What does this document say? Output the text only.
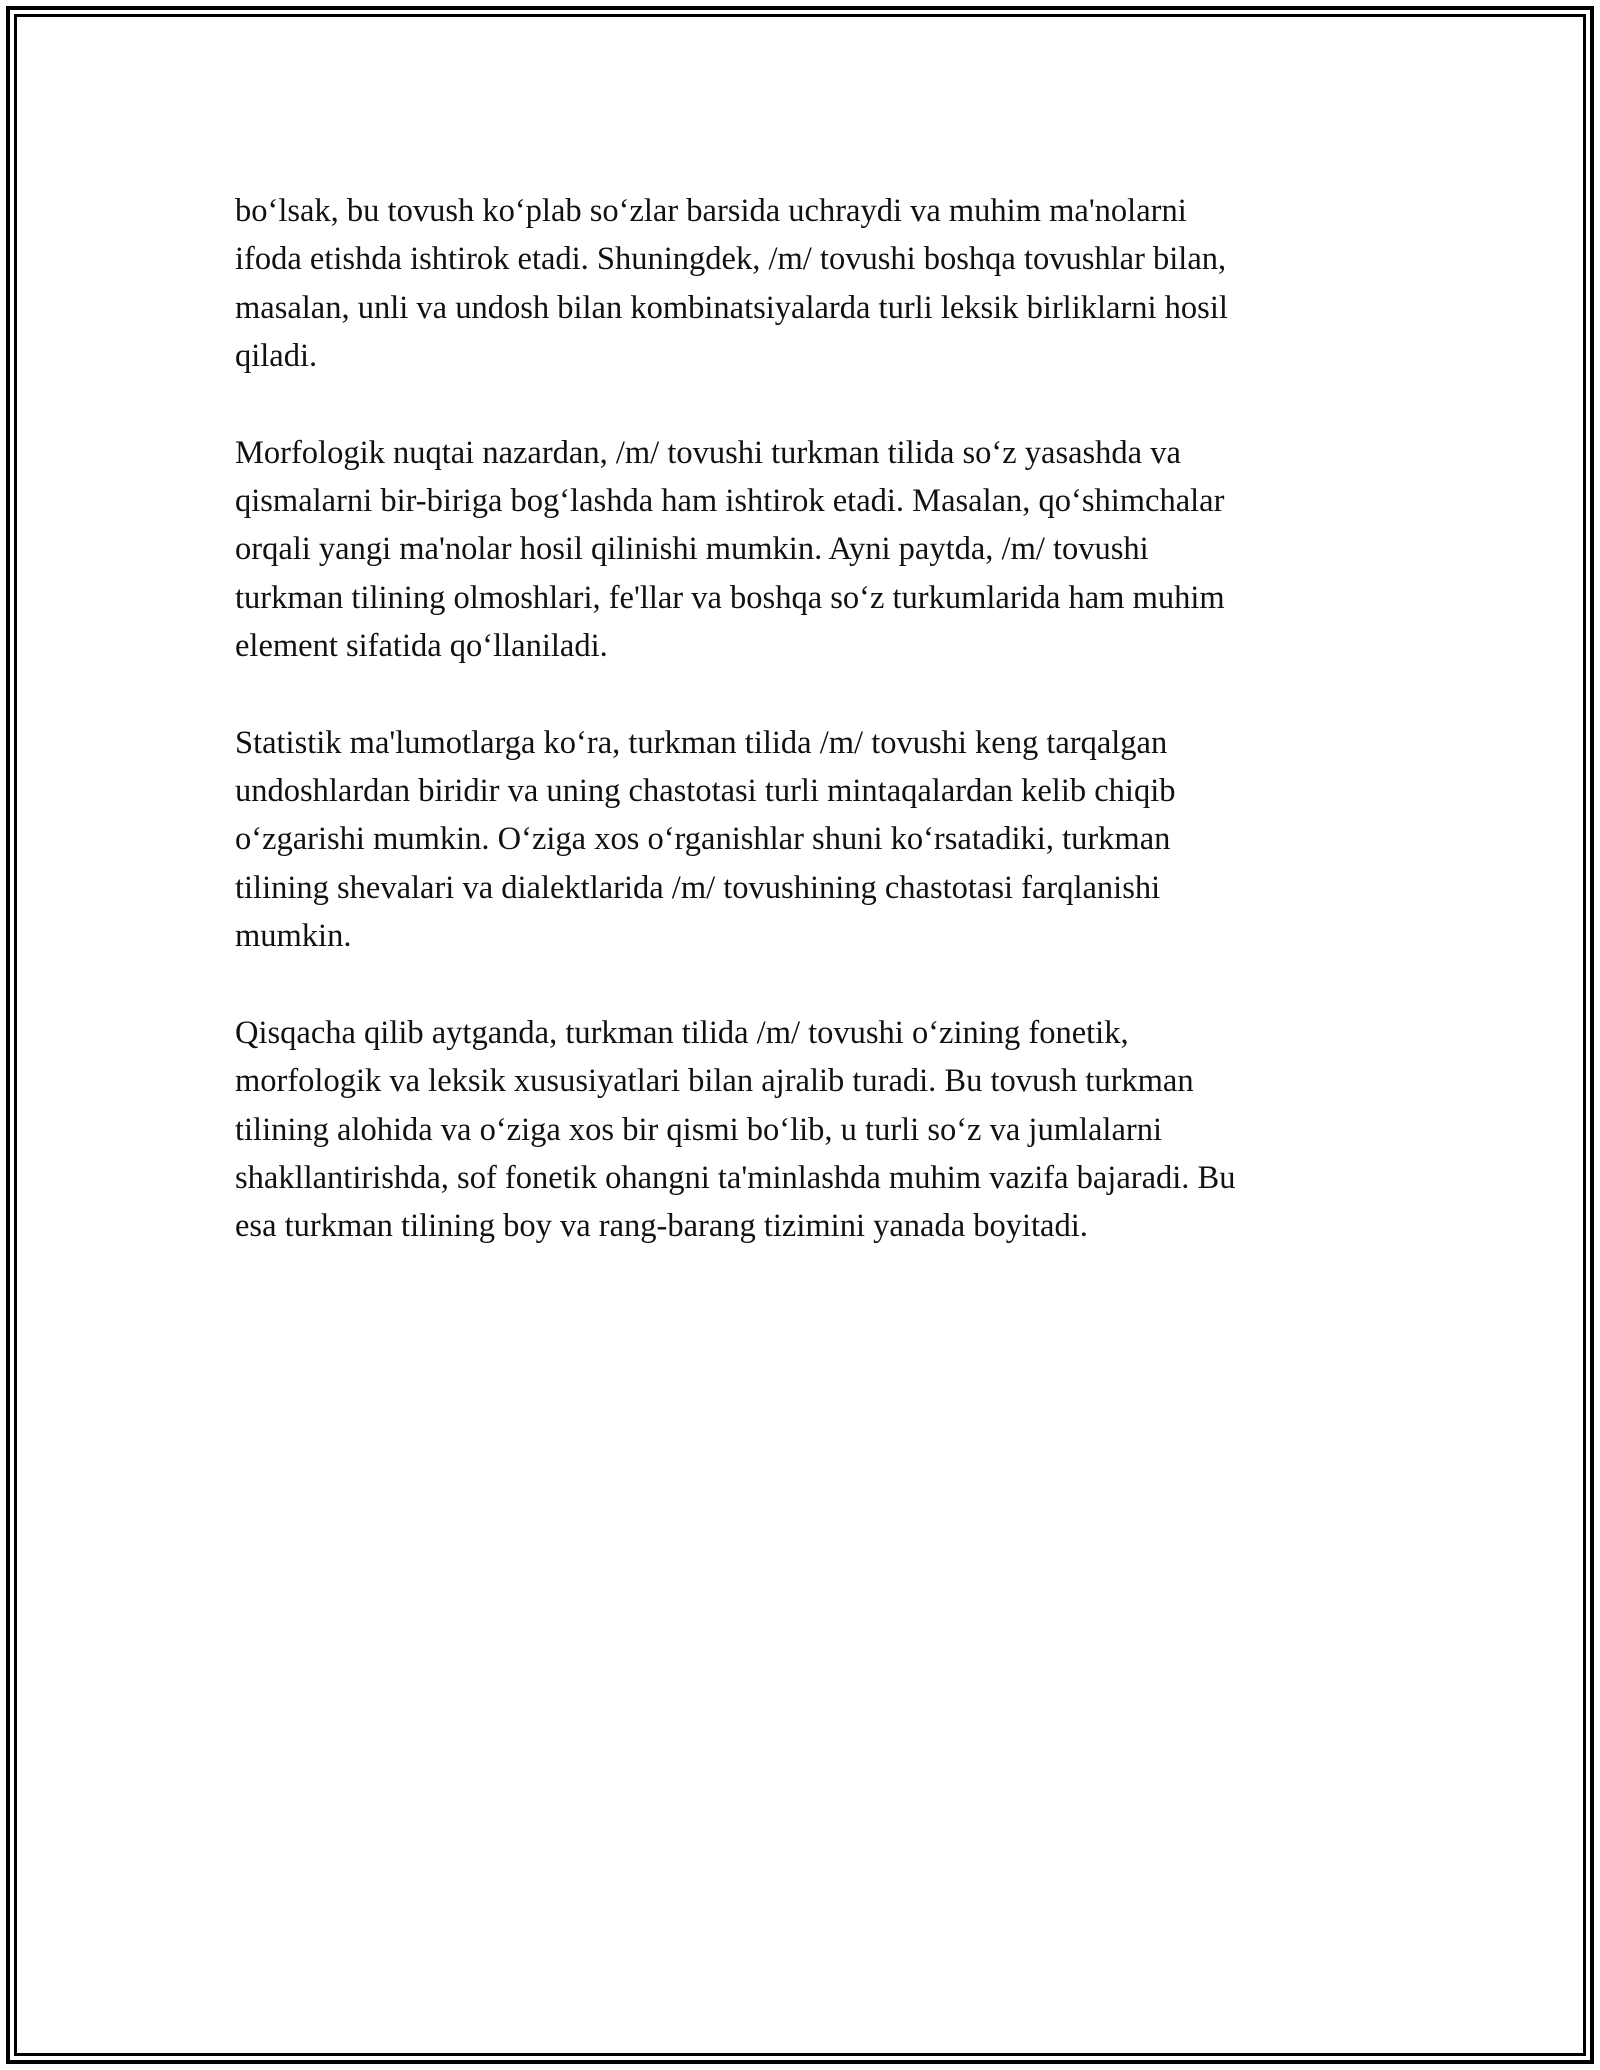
bo‘lsak, bu tovush ko‘plab so‘zlar barsida uchraydi va muhim ma'nolarni
ifoda etishda ishtirok etadi. Shuningdek, /m/ tovushi boshqa tovushlar bilan,
masalan, unli va undosh bilan kombinatsiyalarda turli leksik birliklarni hosil
qiladi.

Morfologik nuqtai nazardan, /m/ tovushi turkman tilida so‘z yasashda va
qismalarni bir-biriga bog‘lashda ham ishtirok etadi. Masalan, qo‘shimchalar
orqali yangi ma'nolar hosil qilinishi mumkin. Ayni paytda, /m/ tovushi
turkman tilining olmoshlari, fe'llar va boshqa so‘z turkumlarida ham muhim
element sifatida qo‘llaniladi.

Statistik ma'lumotlarga ko‘ra, turkman tilida /m/ tovushi keng tarqalgan
undoshlardan biridir va uning chastotasi turli mintaqalardan kelib chiqib
o‘zgarishi mumkin. O‘ziga xos o‘rganishlar shuni ko‘rsatadiki, turkman
tilining shevalari va dialektlarida /m/ tovushining chastotasi farqlanishi
mumkin.

Qisqacha qilib aytganda, turkman tilida /m/ tovushi o‘zining fonetik,
morfologik va leksik xususiyatlari bilan ajralib turadi. Bu tovush turkman
tilining alohida va o‘ziga xos bir qismi bo‘lib, u turli so‘z va jumlalarni
shakllantirishda, sof fonetik ohangni ta'minlashda muhim vazifa bajaradi. Bu
esa turkman tilining boy va rang-barang tizimini yanada boyitadi.
